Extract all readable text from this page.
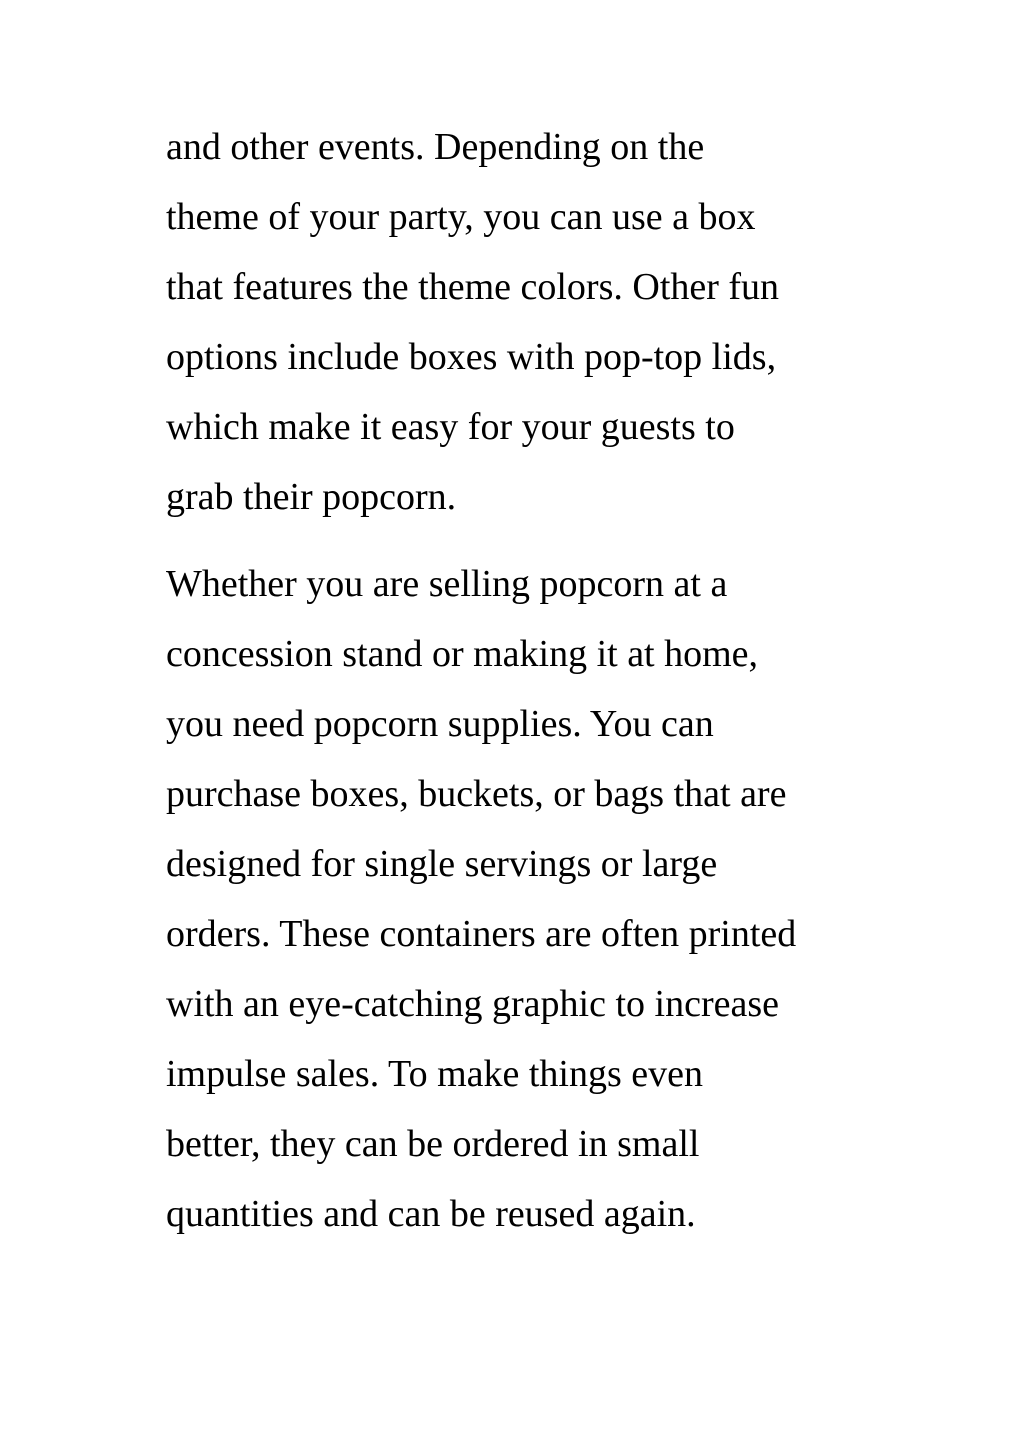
and other events. Depending on the
theme of your party, you can use a box
that features the theme colors. Other fun
options include boxes with pop-top lids,
which make it easy for your guests to
grab their popcorn.

Whether you are selling popcorn at a
concession stand or making it at home,
you need popcorn supplies. You can
purchase boxes, buckets, or bags that are
designed for single servings or large
orders. These containers are often printed
with an eye-catching graphic to increase
impulse sales. To make things even
better, they can be ordered in small
quantities and can be reused again.
